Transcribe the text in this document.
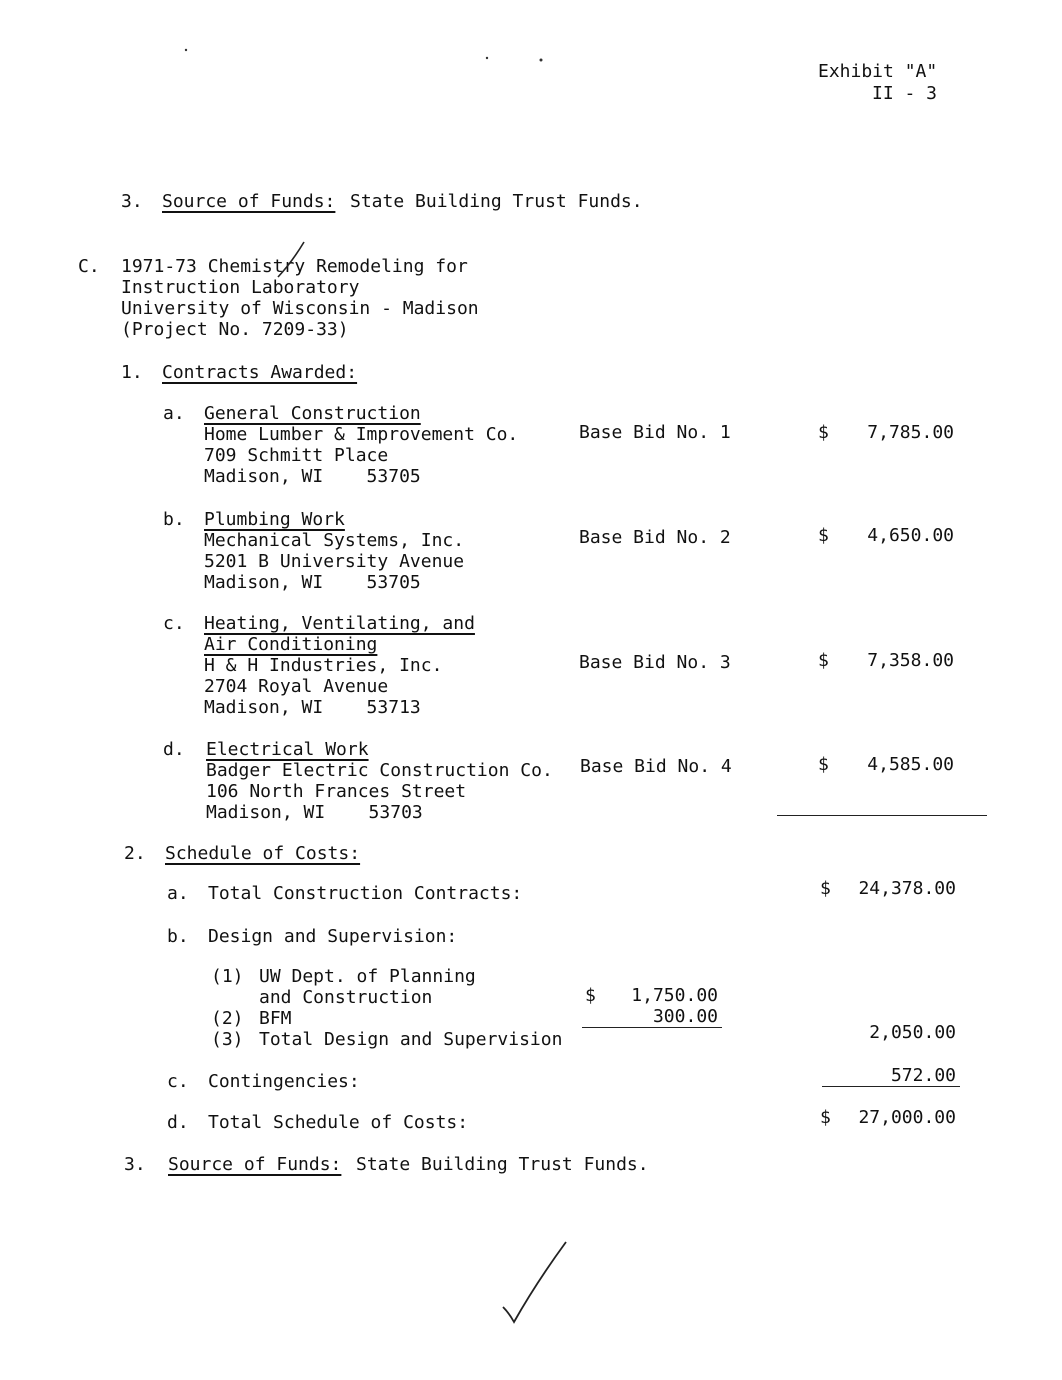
Exhibit "A"
II - 3
3. Source of Funds: State Building Trust Funds.
C. 1971-73 Chemistry Remodeling for
Instruction Laboratory
University of Wisconsin - Madison
(Project No. 7209-33)
1. Contracts Awarded:
a. General Construction
Home Lumber & Improvement Co.
709 Schmitt Place
Madison, WI    53705
Base Bid No. 1	$	7,785.00
b. Plumbing Work
Mechanical Systems, Inc.
5201 B University Avenue
Madison, WI    53705
Base Bid No. 2	$	4,650.00
c. Heating, Ventilating, and
Air Conditioning
H & H Industries, Inc.
2704 Royal Avenue
Madison, WI    53713
Base Bid No. 3	$	7,358.00
d. Electrical Work
Badger Electric Construction Co.
106 North Frances Street
Madison, WI    53703
Base Bid No. 4	$	4,585.00
2. Schedule of Costs:
a. Total Construction Contracts:	$	24,378.00
b. Design and Supervision:
(1) UW Dept. of Planning
and Construction	$	1,750.00
(2) BFM	300.00
(3) Total Design and Supervision	2,050.00
c. Contingencies:	572.00
d. Total Schedule of Costs:	$	27,000.00
3. Source of Funds: State Building Trust Funds.
